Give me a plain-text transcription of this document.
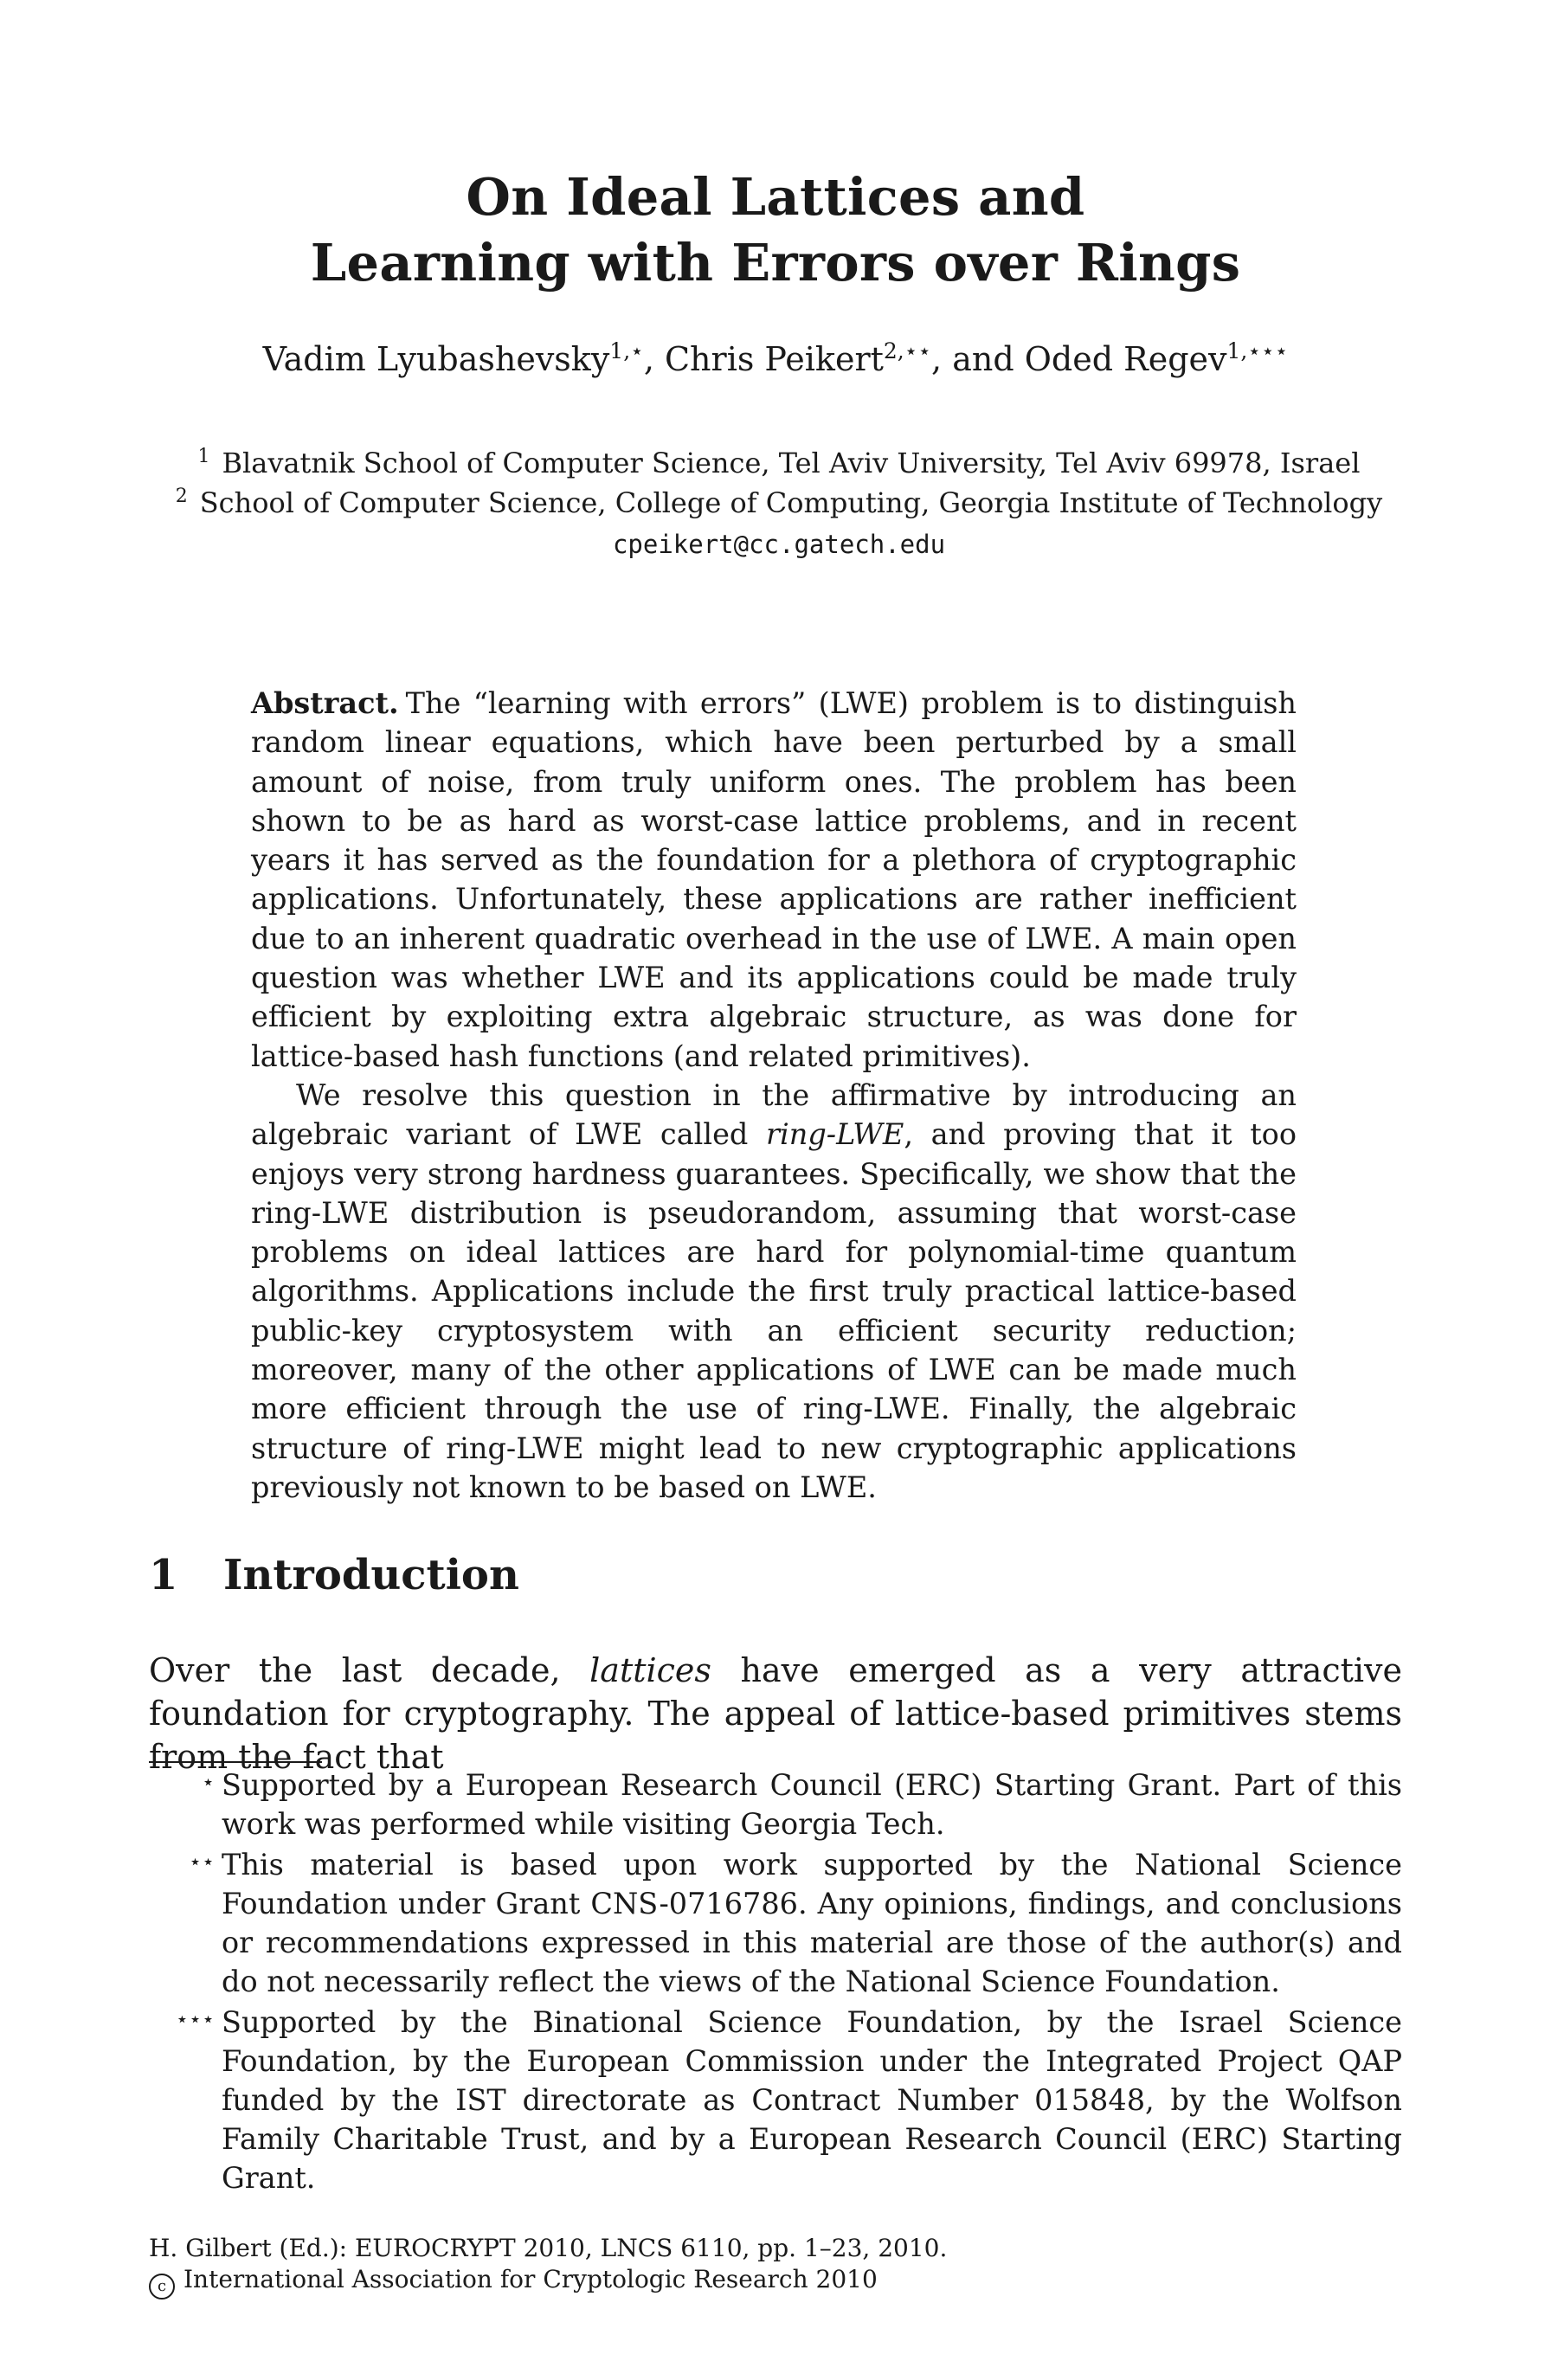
On Ideal Lattices and
Learning with Errors over Rings
Vadim Lyubashevsky$^{1,⋆}$, Chris Peikert$^{2,⋆⋆}$, and Oded Regev$^{1,⋆⋆⋆}$
$^1$ Blavatnik School of Computer Science, Tel Aviv University, Tel Aviv 69978, Israel
$^2$ School of Computer Science, College of Computing, Georgia Institute of Technology
cpeikert@cc.gatech.edu

Abstract. The “learning with errors” (LWE) problem is to distinguish random linear equations, which have been perturbed by a small amount of noise, from truly uniform ones. The problem has been shown to be as hard as worst-case lattice problems, and in recent years it has served as the foundation for a plethora of cryptographic applications. Unfortunately, these applications are rather inefficient due to an inherent quadratic overhead in the use of LWE. A main open question was whether LWE and its applications could be made truly efficient by exploiting extra algebraic structure, as was done for lattice-based hash functions (and related primitives).

We resolve this question in the affirmative by introducing an algebraic variant of LWE called ring-LWE, and proving that it too enjoys very strong hardness guarantees. Specifically, we show that the ring-LWE distribution is pseudorandom, assuming that worst-case problems on ideal lattices are hard for polynomial-time quantum algorithms. Applications include the first truly practical lattice-based public-key cryptosystem with an efficient security reduction; moreover, many of the other applications of LWE can be made much more efficient through the use of ring-LWE. Finally, the algebraic structure of ring-LWE might lead to new cryptographic applications previously not known to be based on LWE.

1 Introduction

Over the last decade, lattices have emerged as a very attractive foundation for cryptography. The appeal of lattice-based primitives stems from the fact that

⋆ Supported by a European Research Council (ERC) Starting Grant. Part of this work was performed while visiting Georgia Tech.
⋆⋆ This material is based upon work supported by the National Science Foundation under Grant CNS-0716786. Any opinions, findings, and conclusions or recommendations expressed in this material are those of the author(s) and do not necessarily reflect the views of the National Science Foundation.
⋆⋆⋆ Supported by the Binational Science Foundation, by the Israel Science Foundation, by the European Commission under the Integrated Project QAP funded by the IST directorate as Contract Number 015848, by the Wolfson Family Charitable Trust, and by a European Research Council (ERC) Starting Grant.
H. Gilbert (Ed.): EUROCRYPT 2010, LNCS 6110, pp. 1–23, 2010.
c International Association for Cryptologic Research 2010
